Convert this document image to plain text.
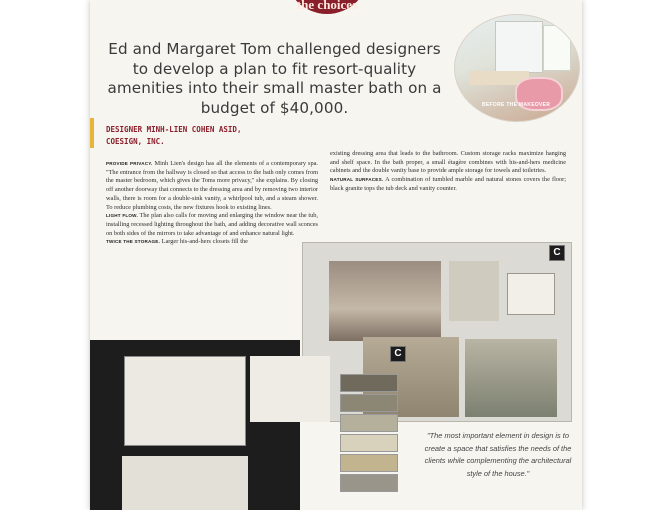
the choices
Ed and Margaret Tom challenged designers to develop a plan to fit resort-quality amenities into their small master bath on a budget of $40,000.	BEFORE THE MAKEOVER
DESIGNER MINH-LIEN COHEN ASID,
COESIGN, INC.
PROVIDE PRIVACY. Minh Lien's design has all the elements of a contemporary spa. "The entrance from the hallway is closed so that access to the bath only comes from the master bedroom, which gives the Toms more privacy," she explains. By closing off another doorway that connects to the dressing area and by removing two interior walls, there is room for a double-sink vanity, a whirlpool tub, and a steam shower. To reduce plumbing costs, the new fixtures hook to existing lines.
LIGHT FLOW. The plan also calls for moving and enlarging the window near the tub, installing recessed lighting throughout the bath, and adding decorative wall sconces on both sides of the mirrors to take advantage of and enhance natural light.
TWICE THE STORAGE. Larger his-and-hers closets fill the
existing dressing area that leads to the bathroom. Custom storage racks maximize hanging and shelf space. In the bath proper, a small étagère combines with his-and-hers medicine cabinets and the double vanity base to provide ample storage for towels and toiletries.
NATURAL SURFACES. A combination of tumbled marble and natural stones covers the floor; black granite tops the tub deck and vanity counter.
C
C
"The most important element in design is to create a space that satisfies the needs of the clients while complementing the architectural style of the house."
